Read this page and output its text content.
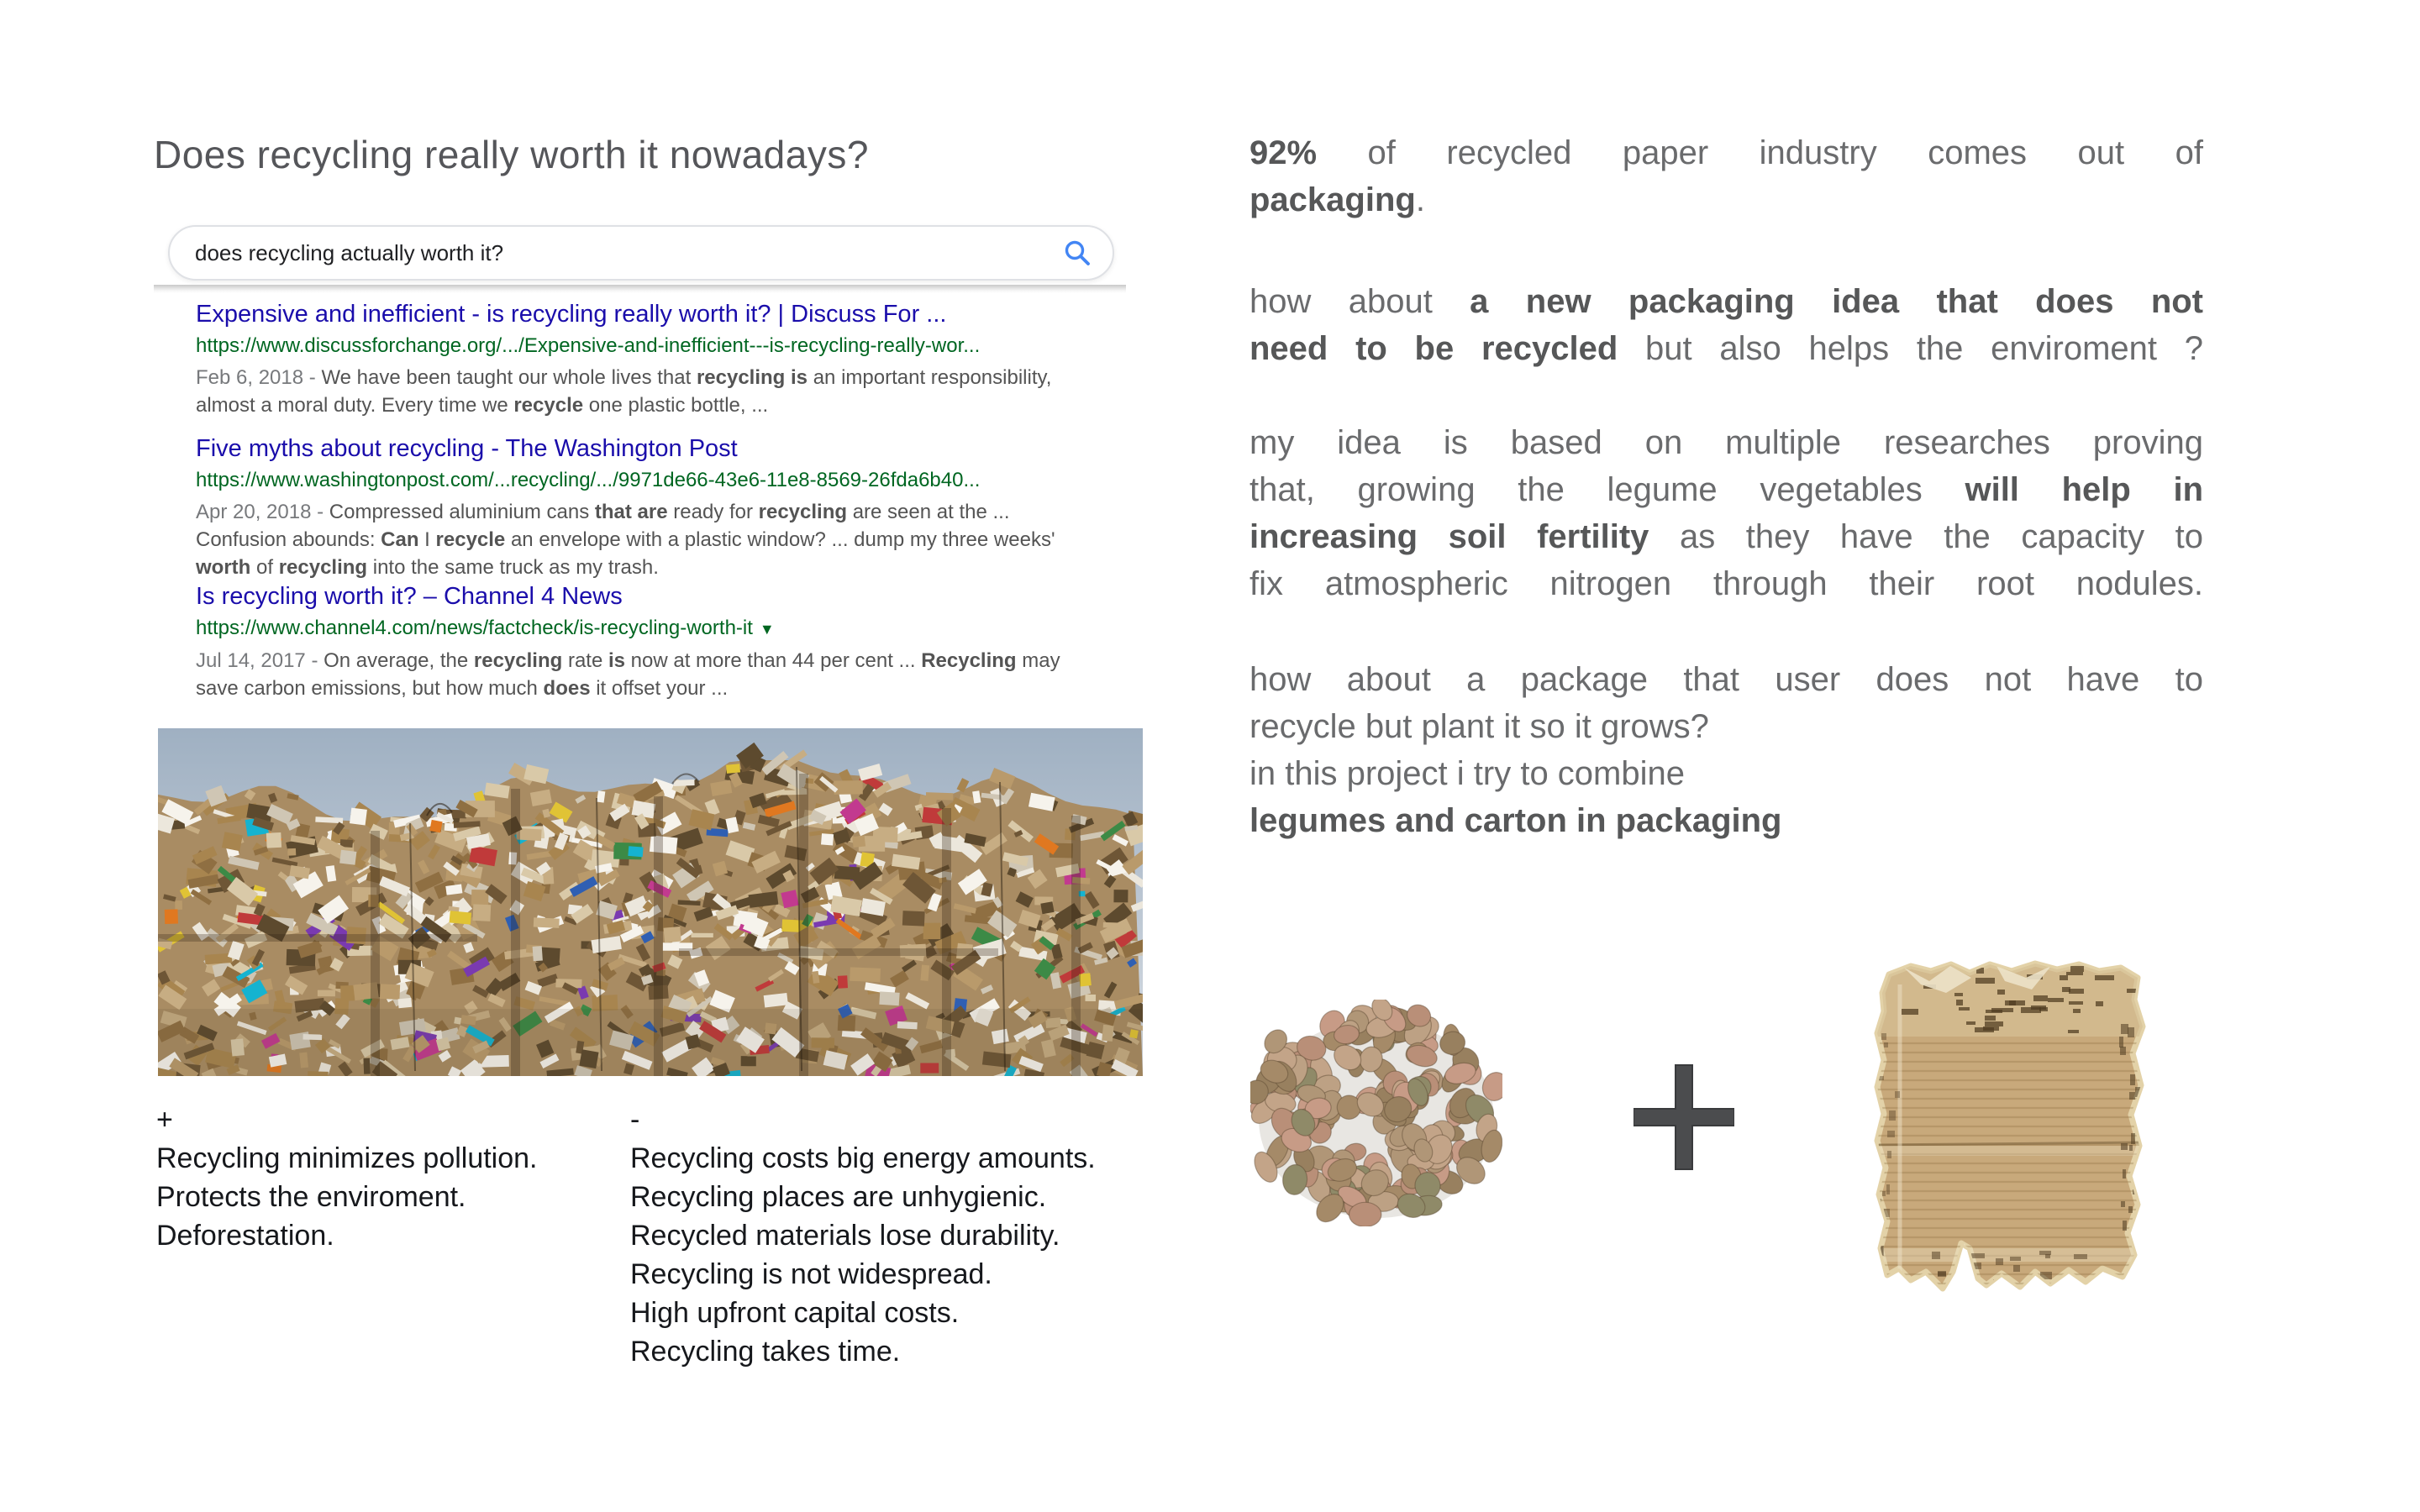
Does recycling really worth it nowadays?
does recycling actually worth it?
Expensive and inefficient - is recycling really worth it? | Discuss For ...
https://www.discussforchange.org/.../Expensive-and-inefficient---is-recycling-really-wor...
Feb 6, 2018 - We have been taught our whole lives that recycling is an important responsibility, almost a moral duty. Every time we recycle one plastic bottle, ...
Five myths about recycling - The Washington Post
https://www.washingtonpost.com/...recycling/.../9971de66-43e6-11e8-8569-26fda6b40...
Apr 20, 2018 - Compressed aluminium cans that are ready for recycling are seen at the ... Confusion abounds: Can I recycle an envelope with a plastic window? ... dump my three weeks' worth of recycling into the same truck as my trash.
Is recycling worth it? – Channel 4 News
https://www.channel4.com/news/factcheck/is-recycling-worth-it ▼
Jul 14, 2017 - On average, the recycling rate is now at more than 44 per cent ... Recycling may save carbon emissions, but how much does it offset your ...
+
Recycling minimizes pollution.
Protects the enviroment.
Deforestation.
-
Recycling costs big energy amounts.
Recycling places are unhygienic.
Recycled materials lose durability.
Recycling is not widespread.
High upfront capital costs.
Recycling takes time.
92% of recycled paper industry comes out of
packaging.
how about a new packaging idea that does not
need to be recycled but also helps the enviroment ?
my idea is based on multiple researches proving
that, growing the legume vegetables will help in
increasing soil fertility as they have the capacity to
fix atmospheric nitrogen through their root nodules.
how about a package that user does not have to
recycle but plant it so it grows?
in this project i try to combine
legumes and carton in packaging
